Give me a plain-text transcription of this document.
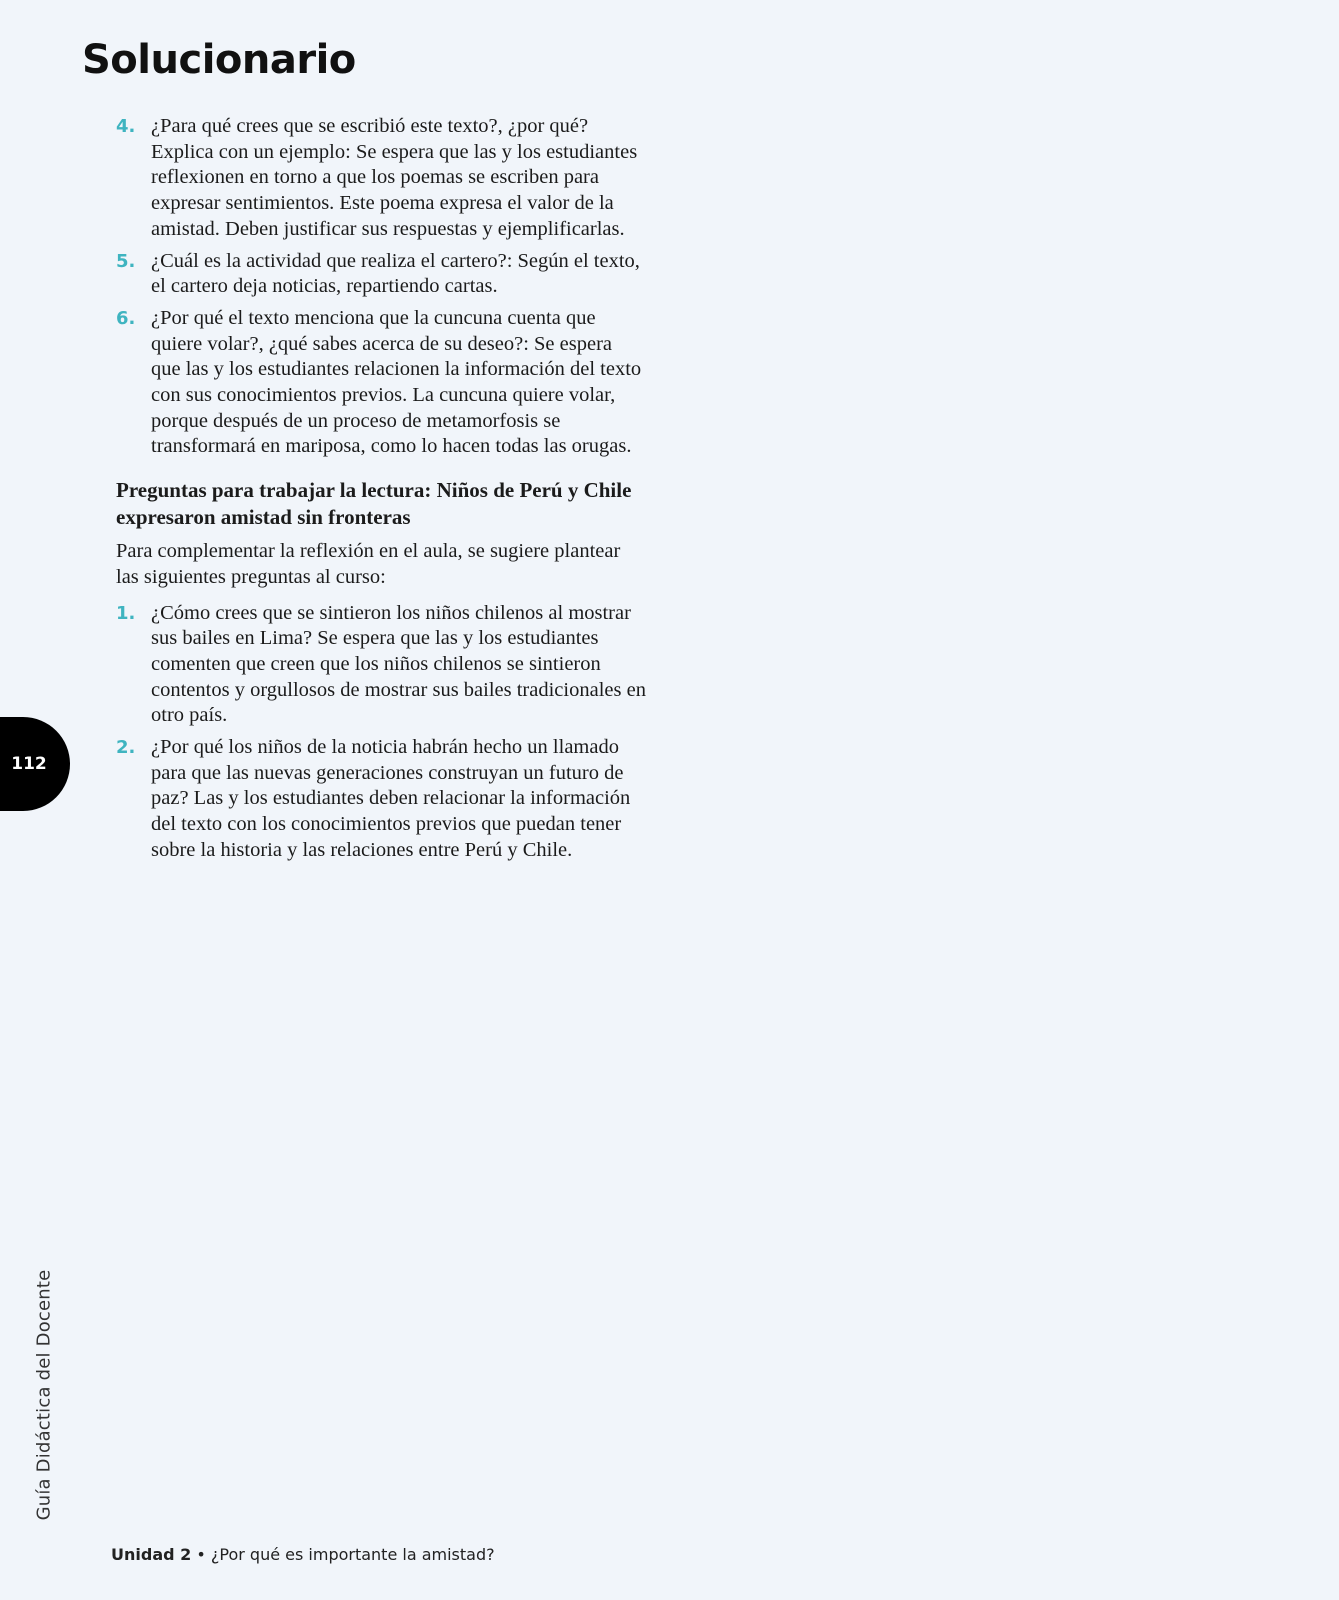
Solucionario
4. ¿Para qué crees que se escribió este texto?, ¿por qué? Explica con un ejemplo: Se espera que las y los estudiantes reflexionen en torno a que los poemas se escriben para expresar sentimientos. Este poema expresa el valor de la amistad. Deben justificar sus respuestas y ejemplificarlas.
5. ¿Cuál es la actividad que realiza el cartero?: Según el texto, el cartero deja noticias, repartiendo cartas.
6. ¿Por qué el texto menciona que la cuncuna cuenta que quiere volar?, ¿qué sabes acerca de su deseo?: Se espera que las y los estudiantes relacionen la información del texto con sus conocimientos previos. La cuncuna quiere volar, porque después de un proceso de metamorfosis se transformará en mariposa, como lo hacen todas las orugas.
Preguntas para trabajar la lectura: Niños de Perú y Chile expresaron amistad sin fronteras

Para complementar la reflexión en el aula, se sugiere plantear las siguientes preguntas al curso:

1. ¿Cómo crees que se sintieron los niños chilenos al mostrar sus bailes en Lima? Se espera que las y los estudiantes comenten que creen que los niños chilenos se sintieron contentos y orgullosos de mostrar sus bailes tradicionales en otro país.
2. ¿Por qué los niños de la noticia habrán hecho un llamado para que las nuevas generaciones construyan un futuro de paz? Las y los estudiantes deben relacionar la información del texto con los conocimientos previos que puedan tener sobre la historia y las relaciones entre Perú y Chile.
112
Guía Didáctica del Docente
Unidad 2 • ¿Por qué es importante la amistad?
